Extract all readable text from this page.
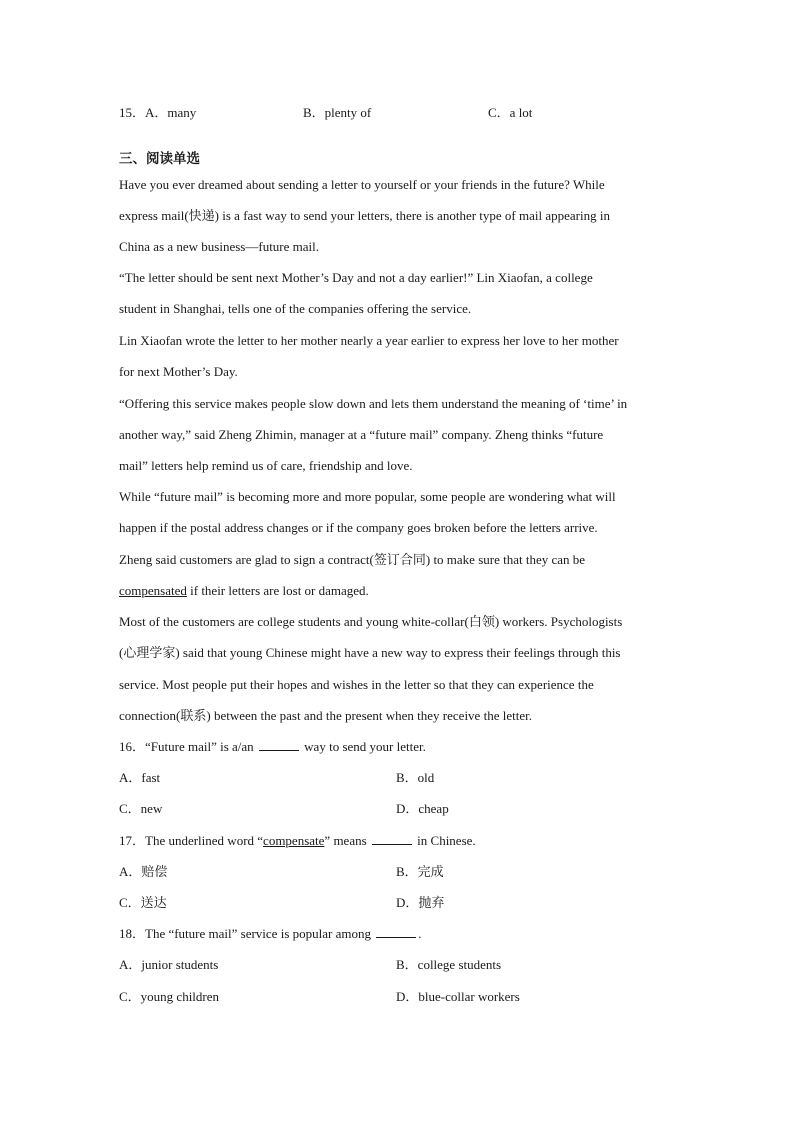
15．A．many	B．plenty of	C．a lot
三、阅读单选
Have you ever dreamed about sending a letter to yourself or your friends in the future? While
express mail(快递) is a fast way to send your letters, there is another type of mail appearing in
China as a new business—future mail.
“The letter should be sent next Mother’s Day and not a day earlier!” Lin Xiaofan, a college
student in Shanghai, tells one of the companies offering the service.
Lin Xiaofan wrote the letter to her mother nearly a year earlier to express her love to her mother
for next Mother’s Day.
“Offering this service makes people slow down and lets them understand the meaning of ‘time’ in
another way,” said Zheng Zhimin, manager at a “future mail” company. Zheng thinks “future
mail” letters help remind us of care, friendship and love.
While “future mail” is becoming more and more popular, some people are wondering what will
happen if the postal address changes or if the company goes broken before the letters arrive.
Zheng said customers are glad to sign a contract(签订合同) to make sure that they can be
compensated if their letters are lost or damaged.
Most of the customers are college students and young white-collar(白领) workers. Psychologists
(心理学家) said that young Chinese might have a new way to express their feelings through this
service. Most people put their hopes and wishes in the letter so that they can experience the
connection(联系) between the past and the present when they receive the letter.
16．“Future mail” is a/an	way to send your letter.
A．fast	B．old
C．new	D．cheap
17．The underlined word “compensate” means	in Chinese.
A．赔偿	B．完成
C．送达	D．抛弃
18．The “future mail” service is popular among	.
A．junior students	B．college students
C．young children	D．blue-collar workers
